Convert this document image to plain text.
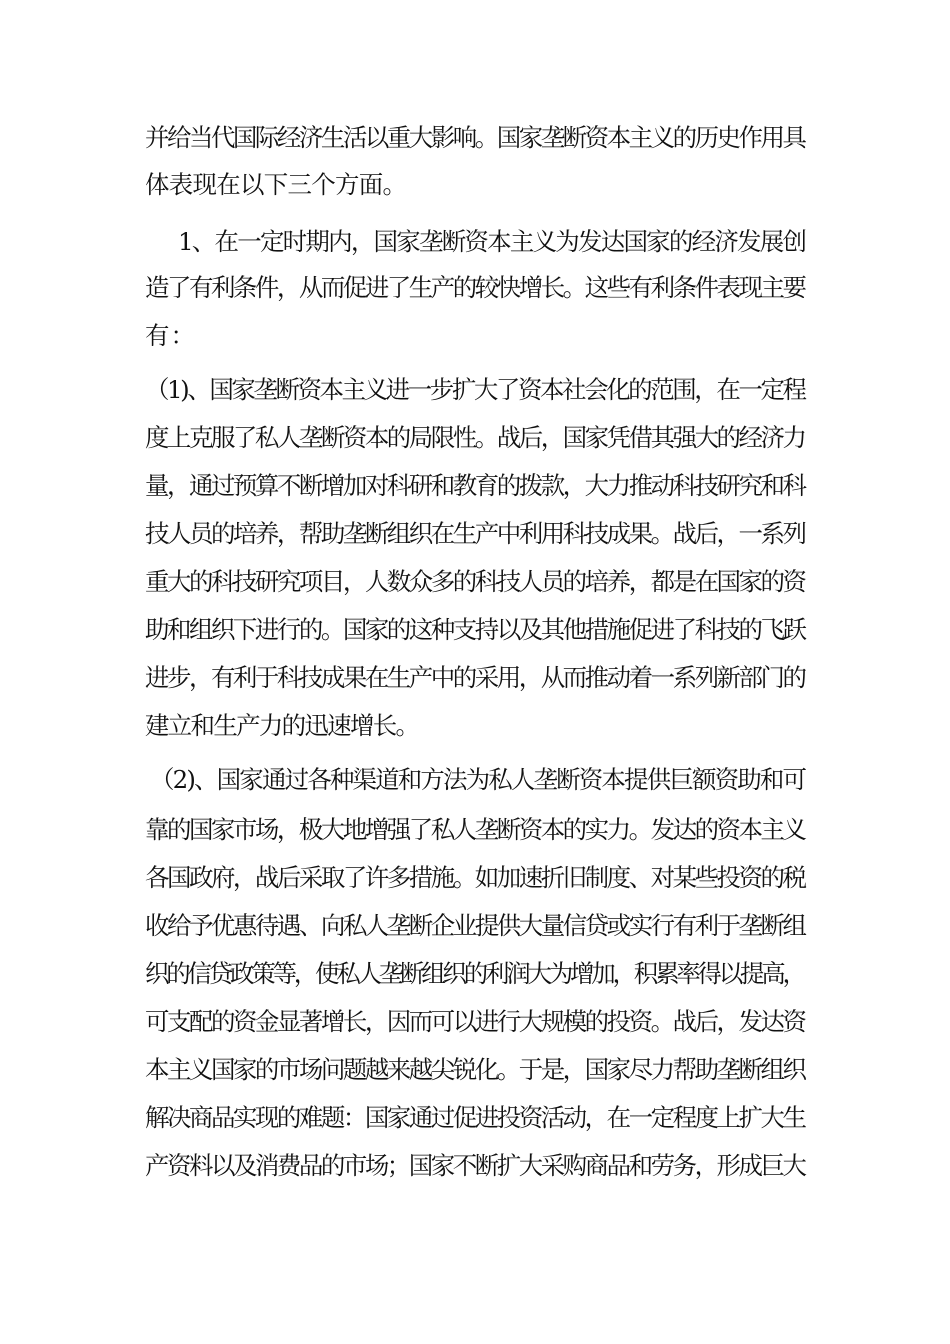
并给当代国际经济生活以重大影响。国家垄断资本主义的历史作用具
体表现在以下三个方面。
1、在一定时期内，国家垄断资本主义为发达国家的经济发展创
造了有利条件，从而促进了生产的较快增长。这些有利条件表现主要
有：
（1)、国家垄断资本主义进一步扩大了资本社会化的范围，在一定程
度上克服了私人垄断资本的局限性。战后，国家凭借其强大的经济力
量，通过预算不断增加对科研和教育的拨款，大力推动科技研究和科
技人员的培养，帮助垄断组织在生产中利用科技成果。战后，一系列
重大的科技研究项目，人数众多的科技人员的培养，都是在国家的资
助和组织下进行的。国家的这种支持以及其他措施促进了科技的飞跃
进步，有利于科技成果在生产中的采用，从而推动着一系列新部门的
建立和生产力的迅速增长。
（2)、国家通过各种渠道和方法为私人垄断资本提供巨额资助和可
靠的国家市场，极大地增强了私人垄断资本的实力。发达的资本主义
各国政府，战后采取了许多措施。如加速折旧制度、对某些投资的税
收给予优惠待遇、向私人垄断企业提供大量信贷或实行有利于垄断组
织的信贷政策等，使私人垄断组织的利润大为增加，积累率得以提高，
可支配的资金显著增长，因而可以进行大规模的投资。战后，发达资
本主义国家的市场问题越来越尖锐化。于是，国家尽力帮助垄断组织
解决商品实现的难题：国家通过促进投资活动，在一定程度上扩大生
产资料以及消费品的市场；国家不断扩大采购商品和劳务，形成巨大
